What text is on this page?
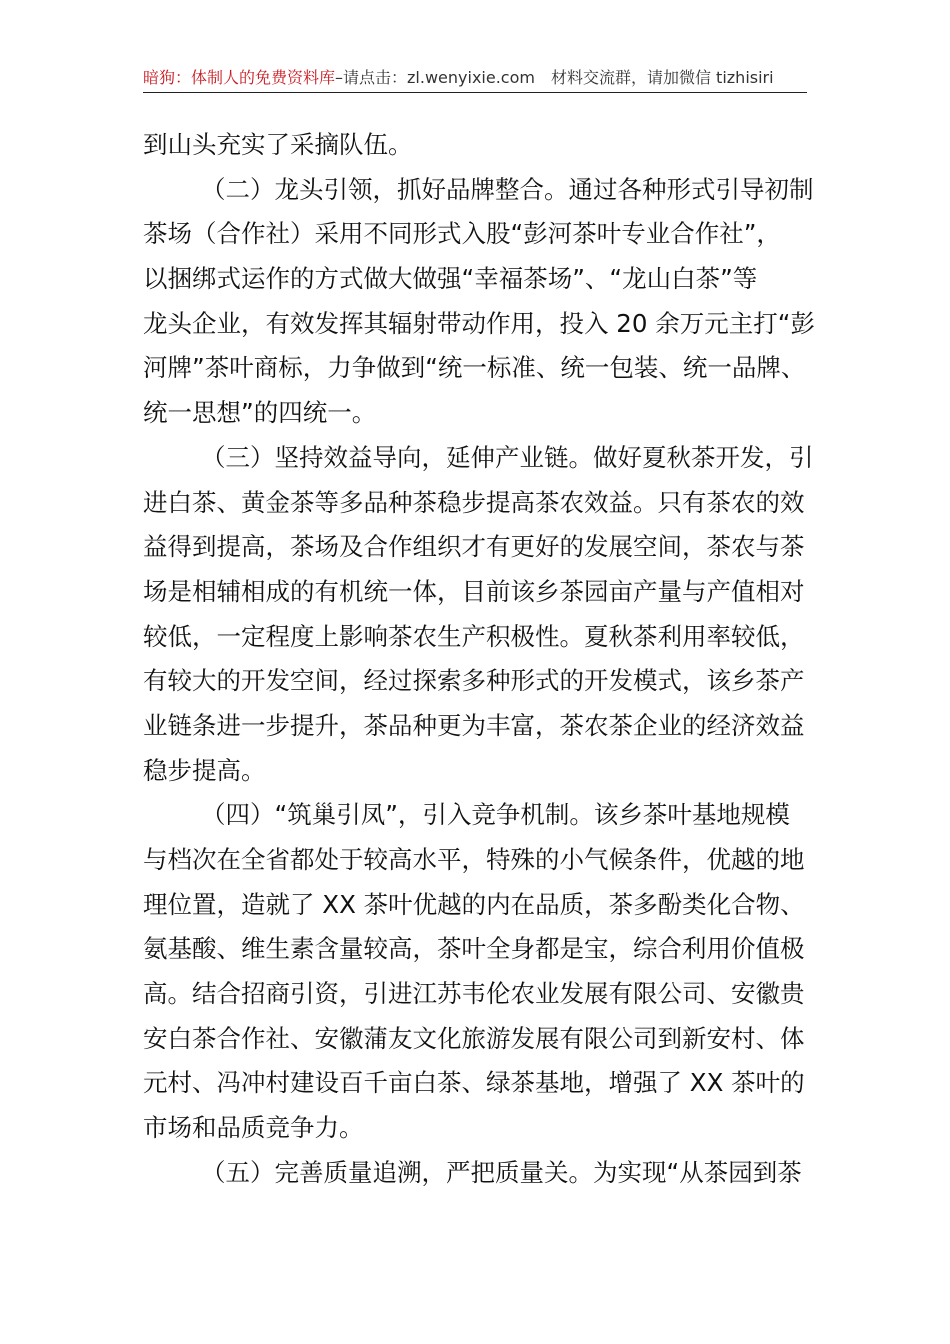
暗狗：体制人的免费资料库–请点击：zl.wenyixie.com 材料交流群，请加微信 tizhisiri
到山头充实了采摘队伍。
（二）龙头引领，抓好品牌整合。通过各种形式引导初制
茶场（合作社）采用不同形式入股“彭河茶叶专业合作社”，
以捆绑式运作的方式做大做强“幸福茶场”、“龙山白茶”等
龙头企业，有效发挥其辐射带动作用，投入 20 余万元主打“彭
河牌”茶叶商标，力争做到“统一标准、统一包装、统一品牌、
统一思想”的四统一。
（三）坚持效益导向，延伸产业链。做好夏秋茶开发，引
进白茶、黄金茶等多品种茶稳步提高茶农效益。只有茶农的效
益得到提高，茶场及合作组织才有更好的发展空间，茶农与茶
场是相辅相成的有机统一体，目前该乡茶园亩产量与产值相对
较低，一定程度上影响茶农生产积极性。夏秋茶利用率较低，
有较大的开发空间，经过探索多种形式的开发模式，该乡茶产
业链条进一步提升，茶品种更为丰富，茶农茶企业的经济效益
稳步提高。
（四）“筑巢引凤”，引入竞争机制。该乡茶叶基地规模
与档次在全省都处于较高水平，特殊的小气候条件，优越的地
理位置，造就了 XX 茶叶优越的内在品质，茶多酚类化合物、
氨基酸、维生素含量较高，茶叶全身都是宝，综合利用价值极
高。结合招商引资，引进江苏韦伦农业发展有限公司、安徽贵
安白茶合作社、安徽蒲友文化旅游发展有限公司到新安村、体
元村、冯冲村建设百千亩白茶、绿茶基地，增强了 XX 茶叶的
市场和品质竞争力。
（五）完善质量追溯，严把质量关。为实现“从茶园到茶
